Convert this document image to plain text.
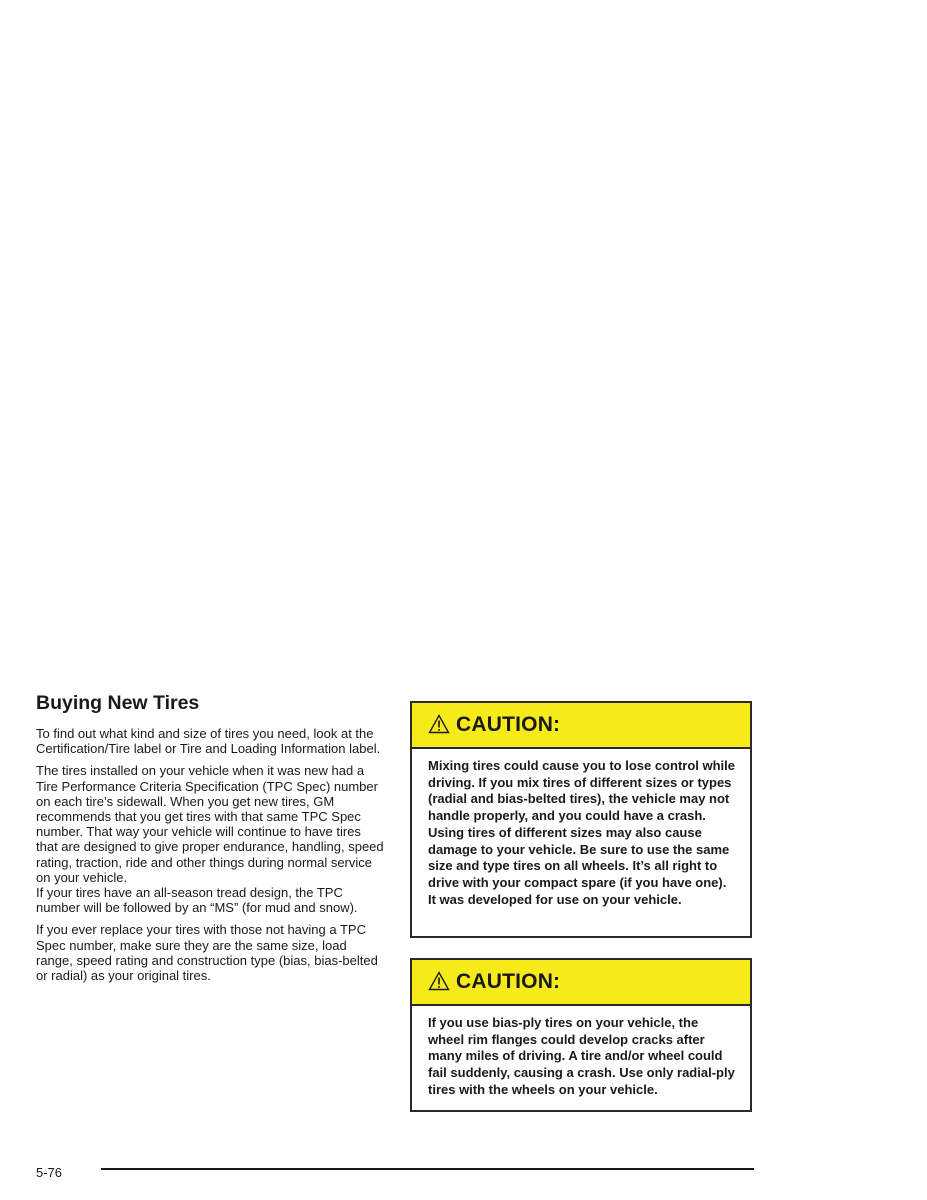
Buying New Tires

To find out what kind and size of tires you need, look at the Certification/Tire label or Tire and Loading Information label.

The tires installed on your vehicle when it was new had a Tire Performance Criteria Specification (TPC Spec) number on each tire’s sidewall. When you get new tires, GM recommends that you get tires with that same TPC Spec number. That way your vehicle will continue to have tires that are designed to give proper endurance, handling, speed rating, traction, ride and other things during normal service on your vehicle.

If your tires have an all-season tread design, the TPC number will be followed by an “MS” (for mud and snow).

If you ever replace your tires with those not having a TPC Spec number, make sure they are the same size, load range, speed rating and construction type (bias, bias-belted or radial) as your original tires.

CAUTION:
Mixing tires could cause you to lose control while driving. If you mix tires of different sizes or types (radial and bias-belted tires), the vehicle may not handle properly, and you could have a crash. Using tires of different sizes may also cause damage to your vehicle. Be sure to use the same size and type tires on all wheels. It’s all right to drive with your compact spare (if you have one). It was developed for use on your vehicle.
CAUTION:
If you use bias-ply tires on your vehicle, the wheel rim flanges could develop cracks after many miles of driving. A tire and/or wheel could fail suddenly, causing a crash. Use only radial-ply tires with the wheels on your vehicle.
5-76
